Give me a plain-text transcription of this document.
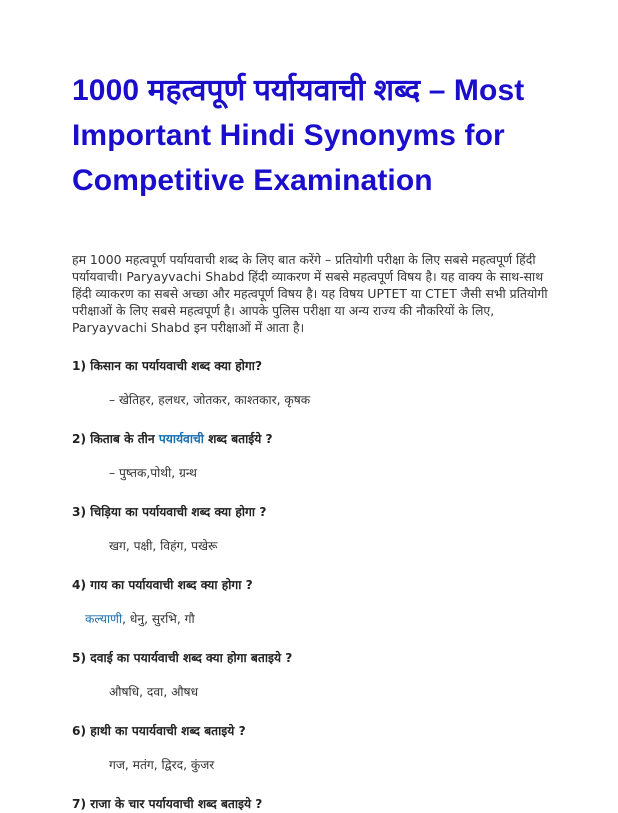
1000 महत्वपूर्ण पर्यायवाची शब्द – Most Important Hindi Synonyms for Competitive Examination

हम 1000 महत्वपूर्ण पर्यायवाची शब्द के लिए बात करेंगे – प्रतियोगी परीक्षा के लिए सबसे महत्वपूर्ण हिंदी पर्यायवाची। Paryayvachi Shabd हिंदी व्याकरण में सबसे महत्वपूर्ण विषय है। यह वाक्य के साथ-साथ हिंदी व्याकरण का सबसे अच्छा और महत्वपूर्ण विषय है। यह विषय UPTET या CTET जैसी सभी प्रतियोगी परीक्षाओं के लिए सबसे महत्वपूर्ण है। आपके पुलिस परीक्षा या अन्य राज्य की नौकरियों के लिए, Paryayvachi Shabd इन परीक्षाओं में आता है।

1) किसान का पर्यायवाची शब्द क्या होगा?

– खेतिहर, हलधर, जोतकर, काश्तकार, कृषक

2) किताब के तीन पयार्यवाची शब्द बताईये ?

– पुष्तक,पोथी, ग्रन्थ

3) चिड़िया का पर्यायवाची शब्द क्या होगा ?

खग, पक्षी, विहंग, पखेरू

4) गाय का पर्यायवाची शब्द क्या होगा ?

कल्याणी, धेनु, सुरभि, गौ

5) दवाई का पयार्यवाची शब्द क्या होगा बताइये ?

औषधि, दवा, औषध

6) हाथी का पयार्यवाची शब्द बताइये ?

गज, मतंग, द्विरद, कुंजर

7) राजा के चार पर्यायवाची शब्द बताइये ?
